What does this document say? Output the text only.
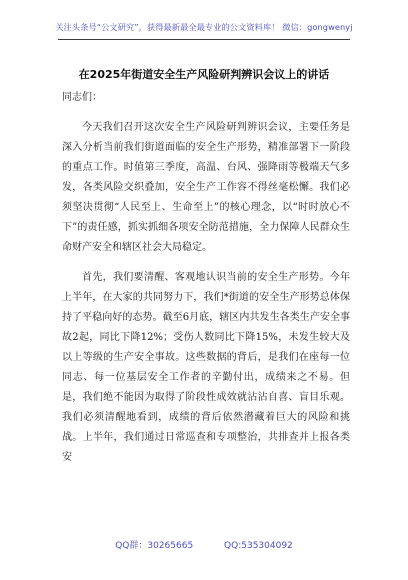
关注头条号“公文研究”，获得最新最全最专业的公文资料库！ 微信：gongwenyj
在2025年街道安全生产风险研判辨识会议上的讲话

同志们：

今天我们召开这次安全生产风险研判辨识会议，主要任务是深入分析当前我们街道面临的安全生产形势，精准部署下一阶段的重点工作。时值第三季度，高温、台风、强降雨等极端天气多发，各类风险交织叠加，安全生产工作容不得丝毫松懈。我们必须坚决贯彻“人民至上、生命至上”的核心理念，以“时时放心不下”的责任感，抓实抓细各项安全防范措施，全力保障人民群众生命财产安全和辖区社会大局稳定。

首先，我们要清醒、客观地认识当前的安全生产形势。今年上半年，在大家的共同努力下，我们*街道的安全生产形势总体保持了平稳向好的态势。截至6月底，辖区内共发生各类生产安全事故2起，同比下降12%；受伤人数同比下降15%，未发生较大及以上等级的生产安全事故。这些数据的背后，是我们在座每一位同志、每一位基层安全工作者的辛勤付出，成绩来之不易。但是，我们绝不能因为取得了阶段性成效就沾沾自喜、盲目乐观。我们必须清醒地看到，成绩的背后依然潜藏着巨大的风险和挑战。上半年，我们通过日常巡查和专项整治，共排查并上报各类安

QQ群：30265665	QQ:535304092
